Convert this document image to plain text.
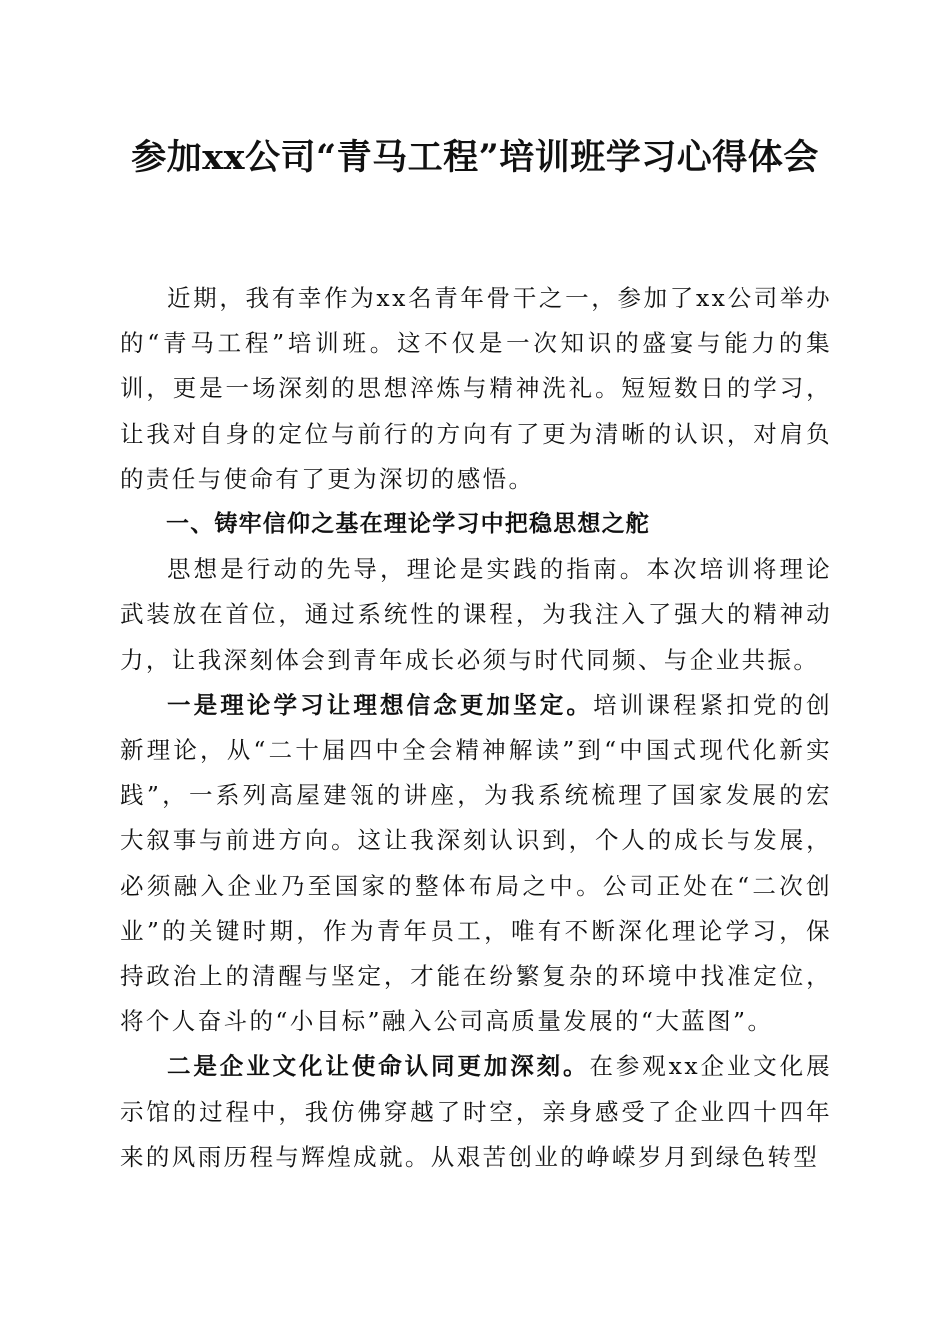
参加xx公司“青马工程”培训班学习心得体会

近期，我有幸作为xx名青年骨干之一，参加了xx公司举办的“青马工程”培训班。这不仅是一次知识的盛宴与能力的集训，更是一场深刻的思想淬炼与精神洗礼。短短数日的学习，让我对自身的定位与前行的方向有了更为清晰的认识，对肩负的责任与使命有了更为深切的感悟。

一、铸牢信仰之基在理论学习中把稳思想之舵

思想是行动的先导，理论是实践的指南。本次培训将理论武装放在首位，通过系统性的课程，为我注入了强大的精神动力，让我深刻体会到青年成长必须与时代同频、与企业共振。

一是理论学习让理想信念更加坚定。培训课程紧扣党的创新理论，从“二十届四中全会精神解读”到“中国式现代化新实践”，一系列高屋建瓴的讲座，为我系统梳理了国家发展的宏大叙事与前进方向。这让我深刻认识到，个人的成长与发展，必须融入企业乃至国家的整体布局之中。公司正处在“二次创业”的关键时期，作为青年员工，唯有不断深化理论学习，保持政治上的清醒与坚定，才能在纷繁复杂的环境中找准定位，将个人奋斗的“小目标”融入公司高质量发展的“大蓝图”。

二是企业文化让使命认同更加深刻。在参观xx企业文化展示馆的过程中，我仿佛穿越了时空，亲身感受了企业四十四年来的风雨历程与辉煌成就。从艰苦创业的峥嵘岁月到绿色转型
